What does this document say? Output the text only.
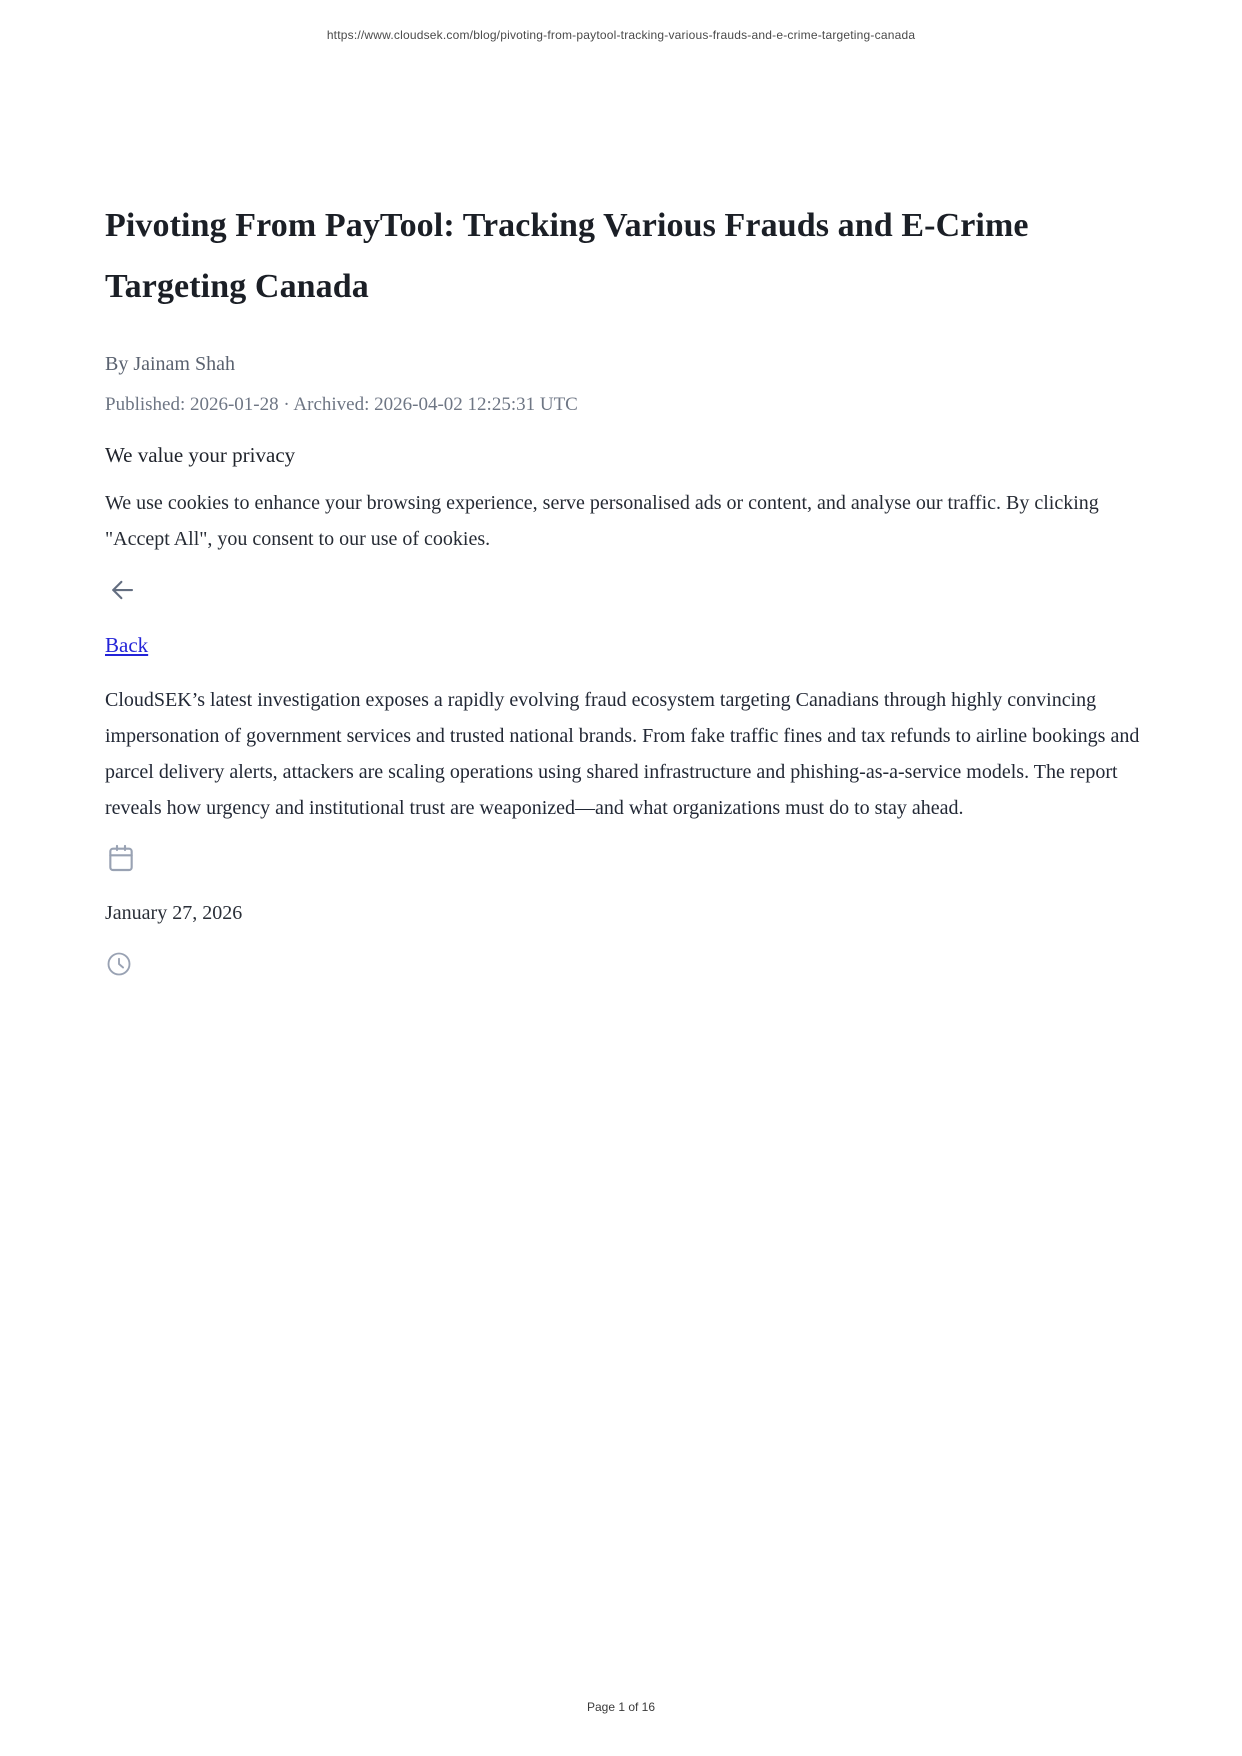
https://www.cloudsek.com/blog/pivoting-from-paytool-tracking-various-frauds-and-e-crime-targeting-canada
Pivoting From PayTool: Tracking Various Frauds and E-Crime Targeting Canada
By Jainam Shah
Published: 2026-01-28 · Archived: 2026-04-02 12:25:31 UTC
We value your privacy
We use cookies to enhance your browsing experience, serve personalised ads or content, and analyse our traffic. By clicking "Accept All", you consent to our use of cookies.
Back
CloudSEK’s latest investigation exposes a rapidly evolving fraud ecosystem targeting Canadians through highly convincing impersonation of government services and trusted national brands. From fake traffic fines and tax refunds to airline bookings and parcel delivery alerts, attackers are scaling operations using shared infrastructure and phishing-as-a-service models. The report reveals how urgency and institutional trust are weaponized—and what organizations must do to stay ahead.
January 27, 2026
Page 1 of 16
